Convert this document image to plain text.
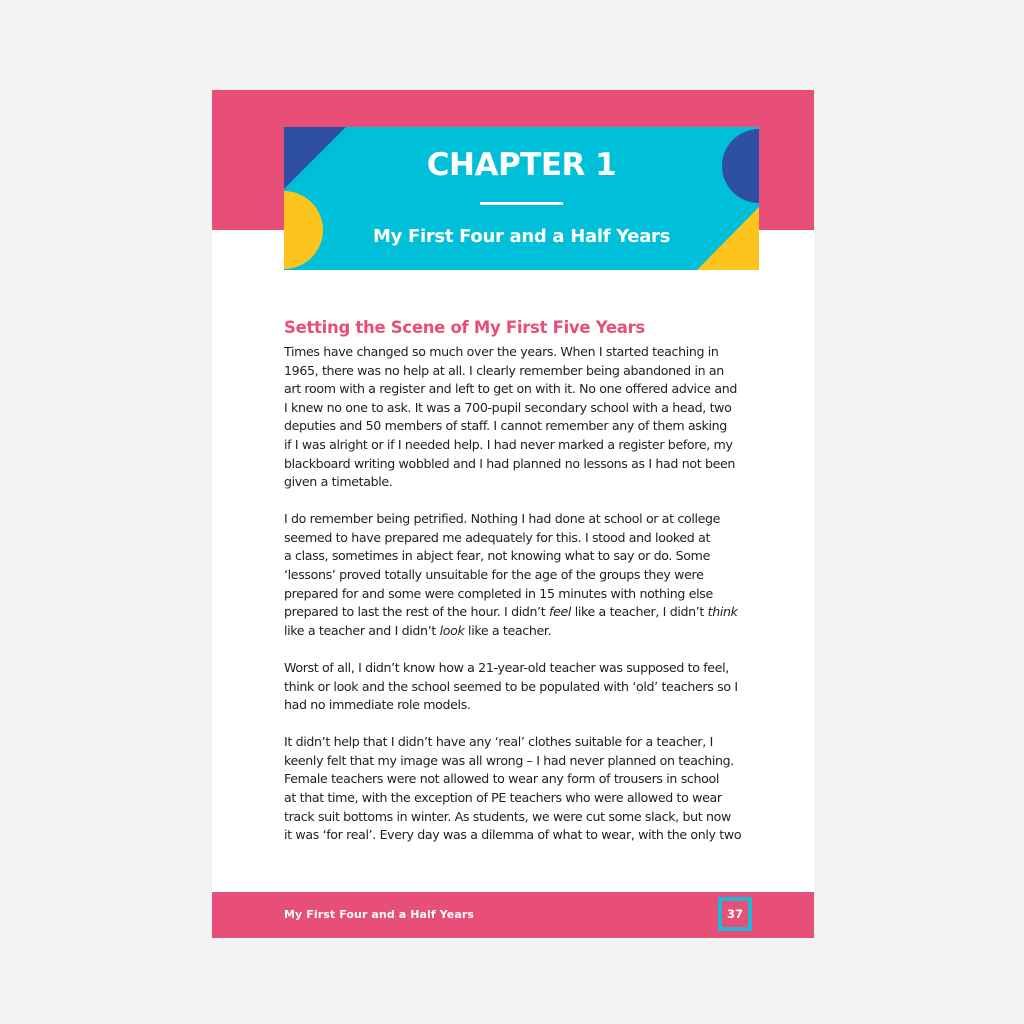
CHAPTER 1
My First Four and a Half Years
Setting the Scene of My First Five Years

Times have changed so much over the years. When I started teaching in
1965, there was no help at all. I clearly remember being abandoned in an
art room with a register and left to get on with it. No one offered advice and
I knew no one to ask. It was a 700-pupil secondary school with a head, two
deputies and 50 members of staff. I cannot remember any of them asking
if I was alright or if I needed help. I had never marked a register before, my
blackboard writing wobbled and I had planned no lessons as I had not been
given a timetable.

I do remember being petrified. Nothing I had done at school or at college
seemed to have prepared me adequately for this. I stood and looked at
a class, sometimes in abject fear, not knowing what to say or do. Some
‘lessons’ proved totally unsuitable for the age of the groups they were
prepared for and some were completed in 15 minutes with nothing else
prepared to last the rest of the hour. I didn’t feel like a teacher, I didn’t think
like a teacher and I didn’t look like a teacher.

Worst of all, I didn’t know how a 21-year-old teacher was supposed to feel,
think or look and the school seemed to be populated with ‘old’ teachers so I
had no immediate role models.

It didn’t help that I didn’t have any ‘real’ clothes suitable for a teacher, I
keenly felt that my image was all wrong – I had never planned on teaching.
Female teachers were not allowed to wear any form of trousers in school
at that time, with the exception of PE teachers who were allowed to wear
track suit bottoms in winter. As students, we were cut some slack, but now
it was ‘for real’. Every day was a dilemma of what to wear, with the only two

My First Four and a Half Years	37
